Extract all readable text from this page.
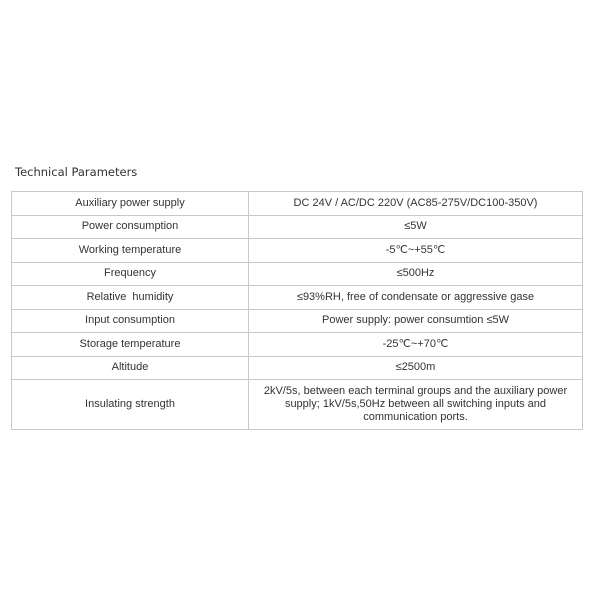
Technical Parameters
Auxiliary power supply	DC 24V / AC/DC 220V (AC85-275V/DC100-350V)
Power consumption	≤5W
Working temperature	-5℃~+55℃
Frequency	≤500Hz
Relative  humidity	≤93%RH, free of condensate or aggressive gase
Input consumption	Power supply: power consumtion ≤5W
Storage temperature	-25℃~+70℃
Altitude	≤2500m
Insulating strength	2kV/5s, between each terminal groups and the auxiliary power supply; 1kV/5s,50Hz between all switching inputs and communication ports.
